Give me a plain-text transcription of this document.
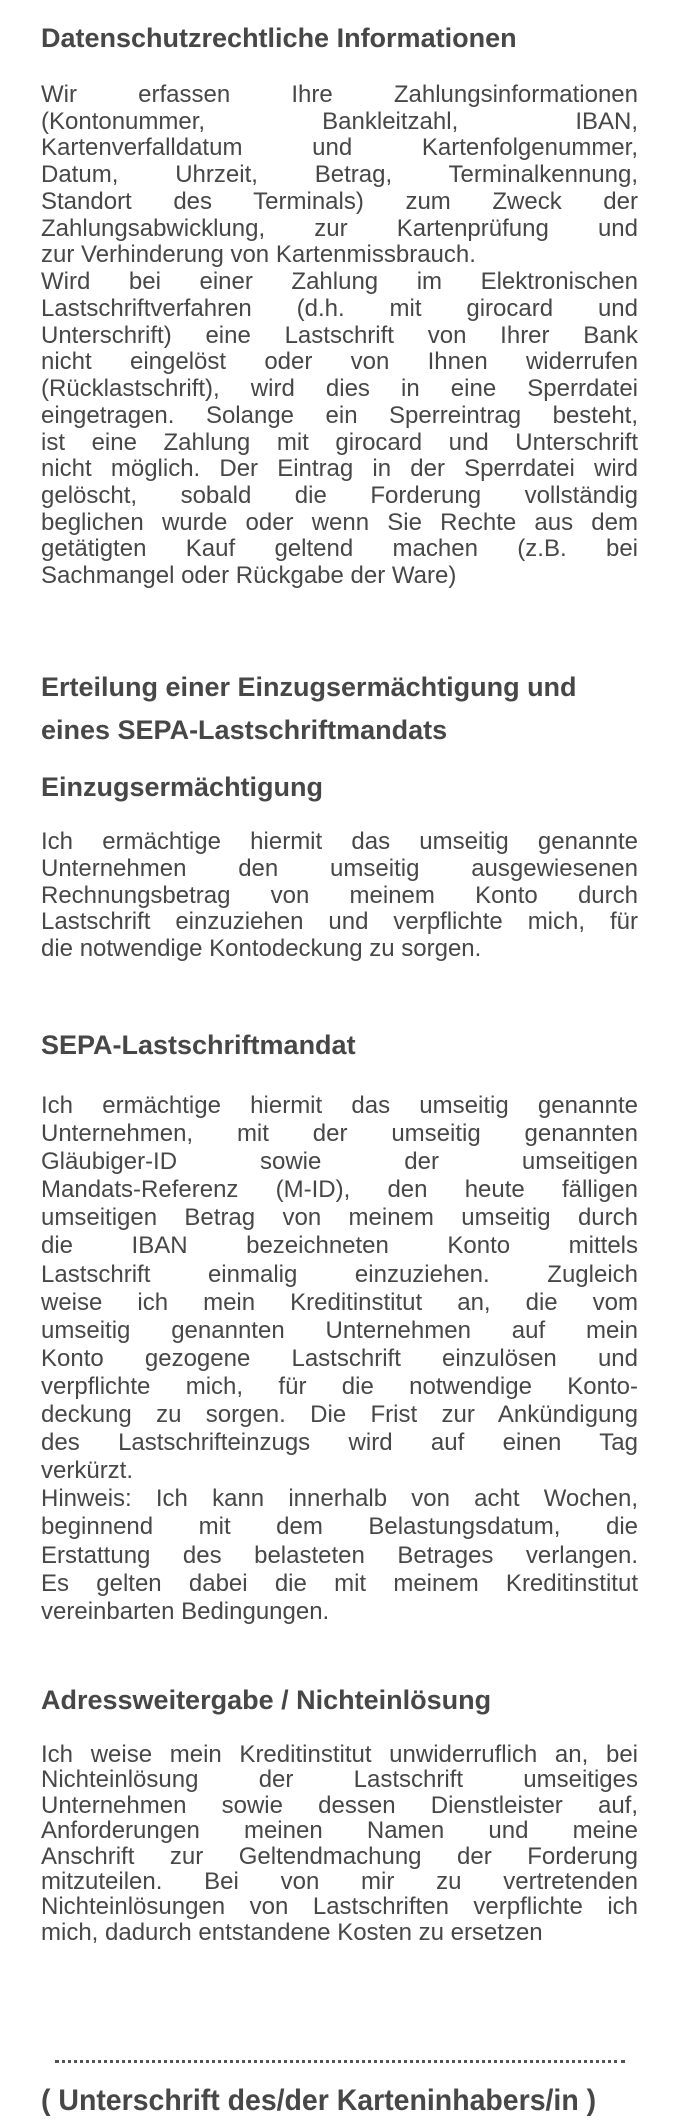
Datenschutzrechtliche Informationen
Wir erfassen Ihre Zahlungsinformationen
(Kontonummer, Bankleitzahl, IBAN,
Kartenverfalldatum und Kartenfolgenummer,
Datum, Uhrzeit, Betrag, Terminalkennung,
Standort des Terminals) zum Zweck der
Zahlungsabwicklung, zur Kartenprüfung und
zur Verhinderung von Kartenmissbrauch.
Wird bei einer Zahlung im Elektronischen
Lastschriftverfahren (d.h. mit girocard und
Unterschrift) eine Lastschrift von Ihrer Bank
nicht eingelöst oder von Ihnen widerrufen
(Rücklastschrift), wird dies in eine Sperrdatei
eingetragen. Solange ein Sperreintrag besteht,
ist eine Zahlung mit girocard und Unterschrift
nicht möglich. Der Eintrag in der Sperrdatei wird
gelöscht, sobald die Forderung vollständig
beglichen wurde oder wenn Sie Rechte aus dem
getätigten Kauf geltend machen (z.B. bei
Sachmangel oder Rückgabe der Ware)
Erteilung einer Einzugsermächtigung und
eines SEPA-Lastschriftmandats
Einzugsermächtigung
Ich ermächtige hiermit das umseitig genannte
Unternehmen den umseitig ausgewiesenen
Rechnungsbetrag von meinem Konto durch
Lastschrift einzuziehen und verpflichte mich, für
die notwendige Kontodeckung zu sorgen.
SEPA-Lastschriftmandat
Ich ermächtige hiermit das umseitig genannte
Unternehmen, mit der umseitig genannten
Gläubiger-ID sowie der umseitigen
Mandats-Referenz (M-ID), den heute fälligen
umseitigen Betrag von meinem umseitig durch
die IBAN bezeichneten Konto mittels
Lastschrift einmalig einzuziehen. Zugleich
weise ich mein Kreditinstitut an, die vom
umseitig genannten Unternehmen auf mein
Konto gezogene Lastschrift einzulösen und
verpflichte mich, für die notwendige Konto-
deckung zu sorgen. Die Frist zur Ankündigung
des Lastschrifteinzugs wird auf einen Tag
verkürzt.
Hinweis: Ich kann innerhalb von acht Wochen,
beginnend mit dem Belastungsdatum, die
Erstattung des belasteten Betrages verlangen.
Es gelten dabei die mit meinem Kreditinstitut
vereinbarten Bedingungen.
Adressweitergabe / Nichteinlösung
Ich weise mein Kreditinstitut unwiderruflich an, bei
Nichteinlösung der Lastschrift umseitiges
Unternehmen sowie dessen Dienstleister auf,
Anforderungen meinen Namen und meine
Anschrift zur Geltendmachung der Forderung
mitzuteilen. Bei von mir zu vertretenden
Nichteinlösungen von Lastschriften verpflichte ich
mich, dadurch entstandene Kosten zu ersetzen
( Unterschrift des/der Karteninhabers/in )
